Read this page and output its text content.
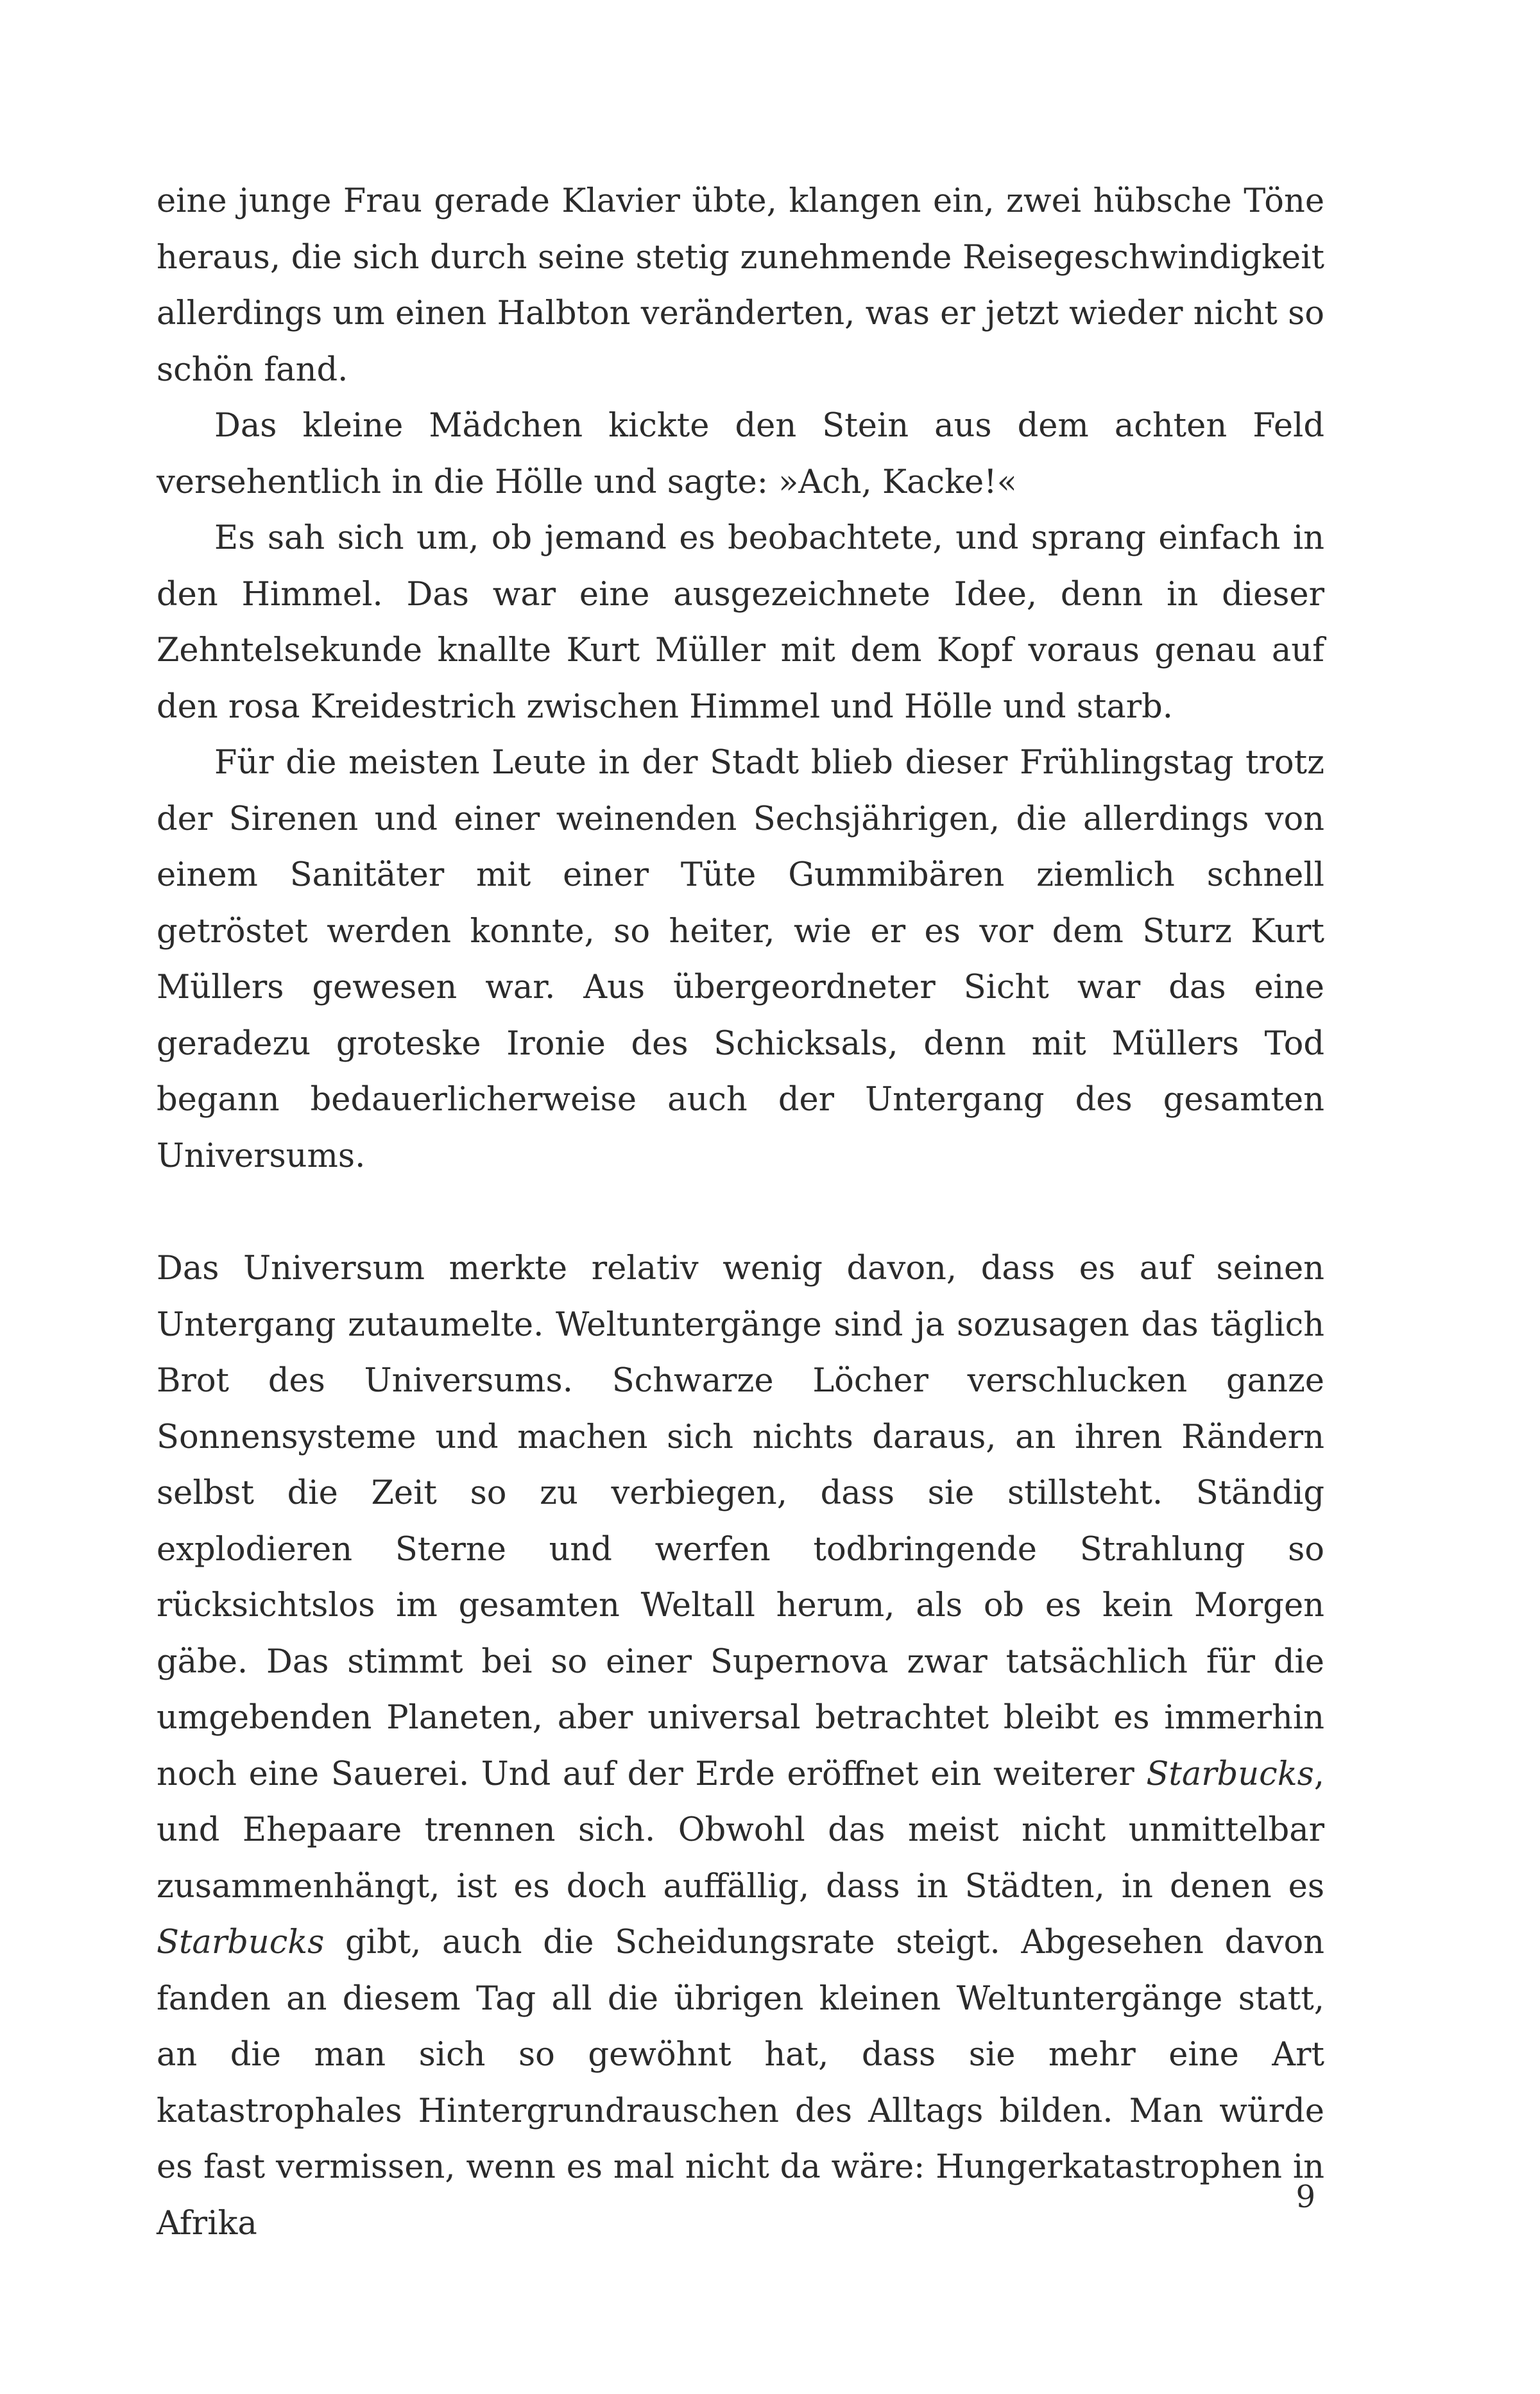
eine junge Frau gerade Klavier übte, klangen ein, zwei hübsche Töne heraus, die sich durch seine stetig zunehmende Reisegeschwindigkeit allerdings um einen Halbton veränderten, was er jetzt wieder nicht so schön fand.

Das kleine Mädchen kickte den Stein aus dem achten Feld versehentlich in die Hölle und sagte: »Ach, Kacke!«

Es sah sich um, ob jemand es beobachtete, und sprang einfach in den Himmel. Das war eine ausgezeichnete Idee, denn in dieser Zehntelsekunde knallte Kurt Müller mit dem Kopf voraus genau auf den rosa Kreidestrich zwischen Himmel und Hölle und starb.

Für die meisten Leute in der Stadt blieb dieser Frühlingstag trotz der Sirenen und einer weinenden Sechsjährigen, die allerdings von einem Sanitäter mit einer Tüte Gummibären ziemlich schnell getröstet werden konnte, so heiter, wie er es vor dem Sturz Kurt Müllers gewesen war. Aus übergeordneter Sicht war das eine geradezu groteske Ironie des Schicksals, denn mit Müllers Tod begann bedauerlicherweise auch der Untergang des gesamten Universums.

Das Universum merkte relativ wenig davon, dass es auf seinen Untergang zutaumelte. Weltuntergänge sind ja sozusagen das täglich Brot des Universums. Schwarze Löcher verschlucken ganze Sonnensysteme und machen sich nichts daraus, an ihren Rändern selbst die Zeit so zu verbiegen, dass sie stillsteht. Ständig explodieren Sterne und werfen todbringende Strahlung so rücksichtslos im gesamten Weltall herum, als ob es kein Morgen gäbe. Das stimmt bei so einer Supernova zwar tatsächlich für die umgebenden Planeten, aber universal betrachtet bleibt es immerhin noch eine Sauerei. Und auf der Erde eröffnet ein weiterer Starbucks, und Ehepaare trennen sich. Obwohl das meist nicht unmittelbar zusammenhängt, ist es doch auffällig, dass in Städten, in denen es Starbucks gibt, auch die Scheidungsrate steigt. Abgesehen davon fanden an diesem Tag all die übrigen kleinen Weltuntergänge statt, an die man sich so gewöhnt hat, dass sie mehr eine Art katastrophales Hintergrundrauschen des Alltags bilden. Man würde es fast vermissen, wenn es mal nicht da wäre: Hungerkatastrophen in Afrika

9
